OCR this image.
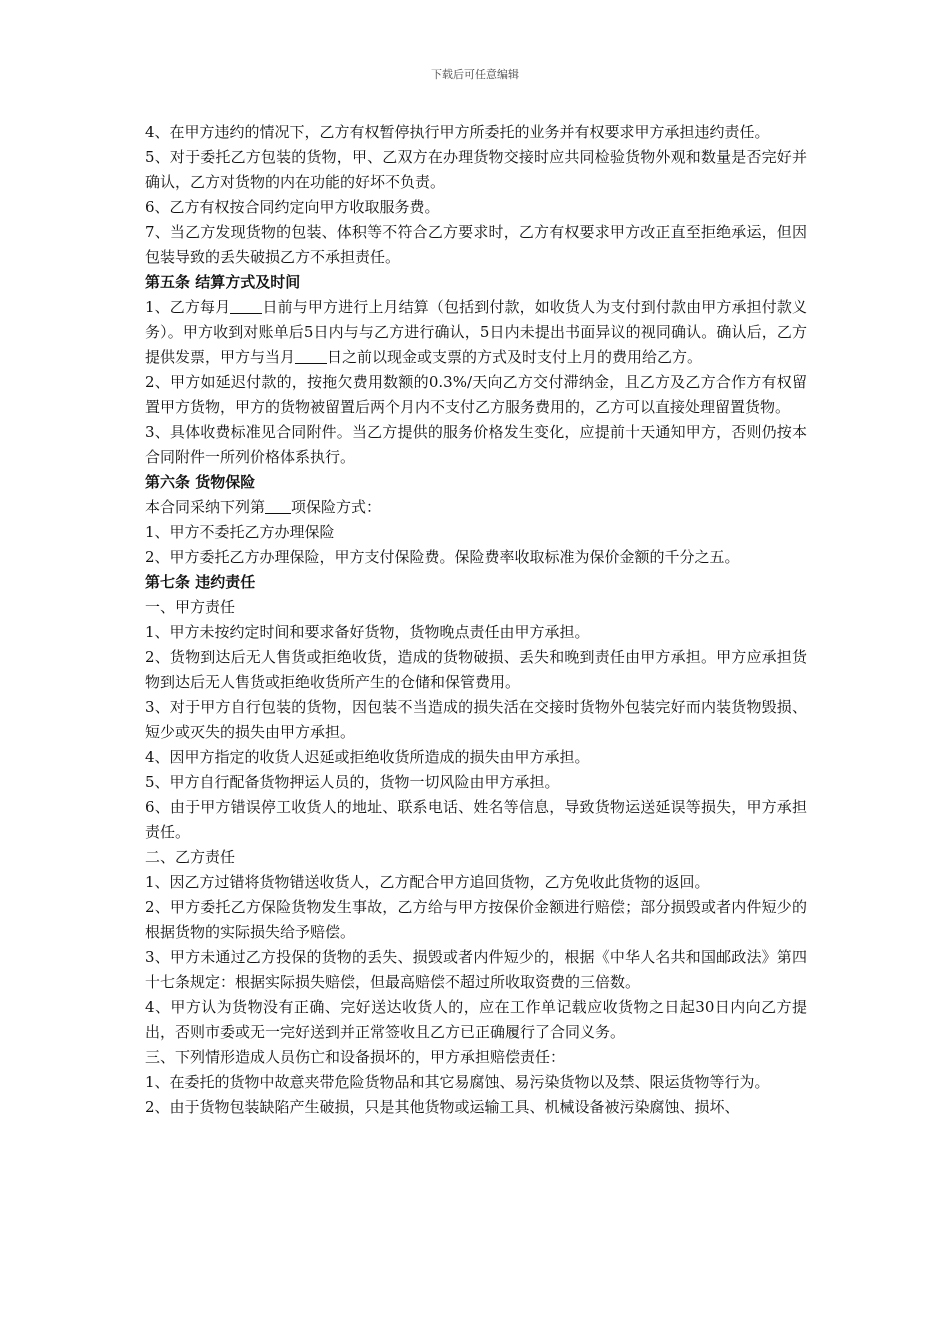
下载后可任意编辑

4、在甲方违约的情况下，乙方有权暂停执行甲方所委托的业务并有权要求甲方承担违约责任。

5、对于委托乙方包装的货物，甲、乙双方在办理货物交接时应共同检验货物外观和数量是否完好并确认，乙方对货物的内在功能的好坏不负责。

6、乙方有权按合同约定向甲方收取服务费。

7、当乙方发现货物的包装、体积等不符合乙方要求时，乙方有权要求甲方改正直至拒绝承运，但因包装导致的丢失破损乙方不承担责任。

第五条 结算方式及时间

1、乙方每月 日前与甲方进行上月结算（包括到付款，如收货人为支付到付款由甲方承担付款义务）。甲方收到对账单后5日内与与乙方进行确认，5日内未提出书面异议的视同确认。确认后，乙方提供发票，甲方与当月 日之前以现金或支票的方式及时支付上月的费用给乙方。

2、甲方如延迟付款的，按拖欠费用数额的0.3%/天向乙方交付滞纳金，且乙方及乙方合作方有权留置甲方货物，甲方的货物被留置后两个月内不支付乙方服务费用的，乙方可以直接处理留置货物。

3、具体收费标准见合同附件。当乙方提供的服务价格发生变化，应提前十天通知甲方，否则仍按本合同附件一所列价格体系执行。

第六条 货物保险

本合同采纳下列第 项保险方式：

1、甲方不委托乙方办理保险

2、甲方委托乙方办理保险，甲方支付保险费。保险费率收取标准为保价金额的千分之五。

第七条 违约责任

一、甲方责任

1、甲方未按约定时间和要求备好货物，货物晚点责任由甲方承担。

2、货物到达后无人售货或拒绝收货，造成的货物破损、丢失和晚到责任由甲方承担。甲方应承担货物到达后无人售货或拒绝收货所产生的仓储和保管费用。

3、对于甲方自行包装的货物，因包装不当造成的损失活在交接时货物外包装完好而内装货物毁损、短少或灭失的损失由甲方承担。

4、因甲方指定的收货人迟延或拒绝收货所造成的损失由甲方承担。

5、甲方自行配备货物押运人员的，货物一切风险由甲方承担。

6、由于甲方错误停工收货人的地址、联系电话、姓名等信息，导致货物运送延误等损失，甲方承担责任。

二、乙方责任

1、因乙方过错将货物错送收货人，乙方配合甲方追回货物，乙方免收此货物的返回。

2、甲方委托乙方保险货物发生事故，乙方给与甲方按保价金额进行赔偿；部分损毁或者内件短少的根据货物的实际损失给予赔偿。

3、甲方未通过乙方投保的货物的丢失、损毁或者内件短少的，根据《中华人名共和国邮政法》第四十七条规定：根据实际损失赔偿，但最高赔偿不超过所收取资费的三倍数。

4、甲方认为货物没有正确、完好送达收货人的，应在工作单记载应收货物之日起30日内向乙方提出，否则市委或无一完好送到并正常签收且乙方已正确履行了合同义务。

三、下列情形造成人员伤亡和设备损坏的，甲方承担赔偿责任：

1、在委托的货物中故意夹带危险货物品和其它易腐蚀、易污染货物以及禁、限运货物等行为。

2、由于货物包装缺陷产生破损，只是其他货物或运输工具、机械设备被污染腐蚀、损坏、
